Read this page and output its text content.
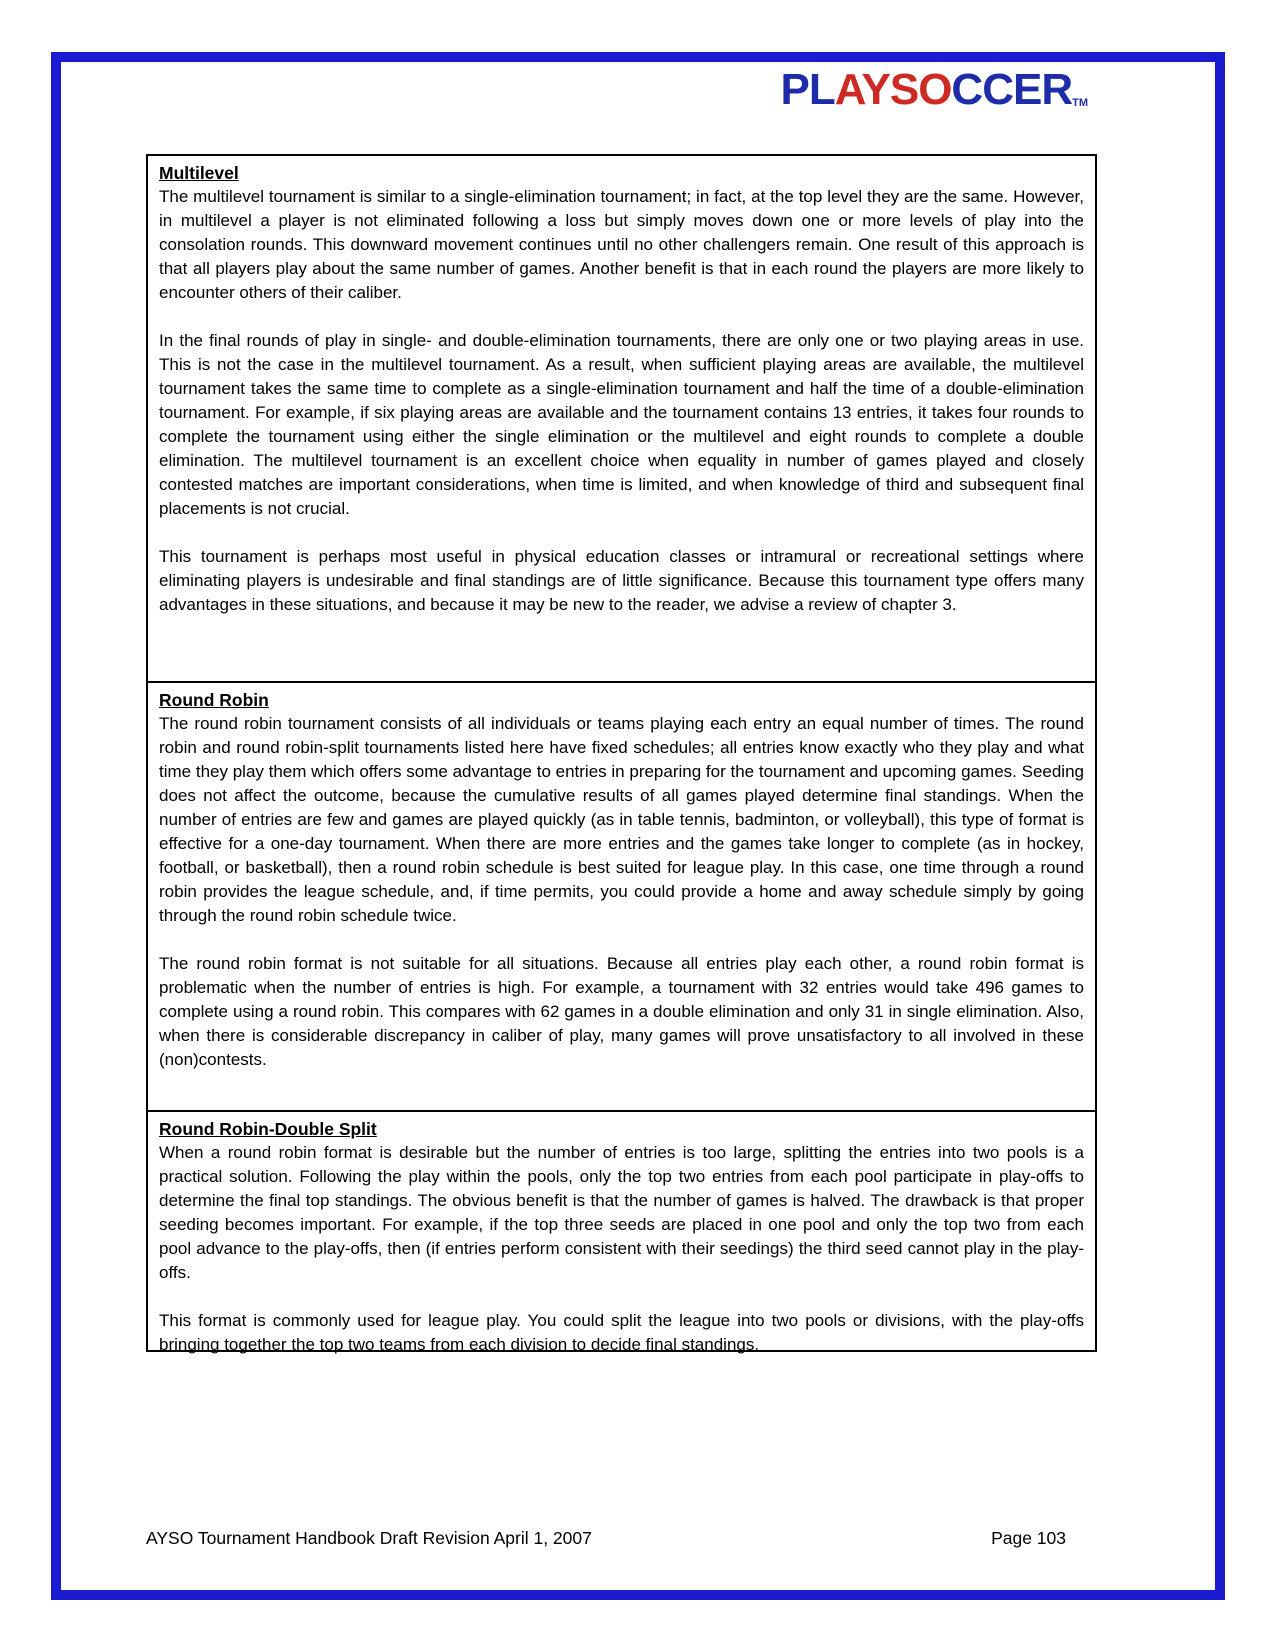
PLAYSOCCERTM
Multilevel

The multilevel tournament is similar to a single-elimination tournament; in fact, at the top level they are the same. However, in multilevel a player is not eliminated following a loss but simply moves down one or more levels of play into the consolation rounds. This downward movement continues until no other challengers remain. One result of this approach is that all players play about the same number of games. Another benefit is that in each round the players are more likely to encounter others of their caliber.

In the final rounds of play in single- and double-elimination tournaments, there are only one or two playing areas in use. This is not the case in the multilevel tournament. As a result, when sufficient playing areas are available, the multilevel tournament takes the same time to complete as a single-elimination tournament and half the time of a double-elimination tournament. For example, if six playing areas are available and the tournament contains 13 entries, it takes four rounds to complete the tournament using either the single elimination or the multilevel and eight rounds to complete a double elimination. The multilevel tournament is an excellent choice when equality in number of games played and closely contested matches are important considerations, when time is limited, and when knowledge of third and subsequent final placements is not crucial.

This tournament is perhaps most useful in physical education classes or intramural or recreational settings where eliminating players is undesirable and final standings are of little significance. Because this tournament type offers many advantages in these situations, and because it may be new to the reader, we advise a review of chapter 3.

Round Robin

The round robin tournament consists of all individuals or teams playing each entry an equal number of times. The round robin and round robin-split tournaments listed here have fixed schedules; all entries know exactly who they play and what time they play them which offers some advantage to entries in preparing for the tournament and upcoming games. Seeding does not affect the outcome, because the cumulative results of all games played determine final standings. When the number of entries are few and games are played quickly (as in table tennis, badminton, or volleyball), this type of format is effective for a one-day tournament. When there are more entries and the games take longer to complete (as in hockey, football, or basketball), then a round robin schedule is best suited for league play. In this case, one time through a round robin provides the league schedule, and, if time permits, you could provide a home and away schedule simply by going through the round robin schedule twice.

The round robin format is not suitable for all situations. Because all entries play each other, a round robin format is problematic when the number of entries is high. For example, a tournament with 32 entries would take 496 games to complete using a round robin. This compares with 62 games in a double elimination and only 31 in single elimination. Also, when there is considerable discrepancy in caliber of play, many games will prove unsatisfactory to all involved in these (non)contests.

Round Robin-Double Split

When a round robin format is desirable but the number of entries is too large, splitting the entries into two pools is a practical solution. Following the play within the pools, only the top two entries from each pool participate in play-offs to determine the final top standings. The obvious benefit is that the number of games is halved. The drawback is that proper seeding becomes important. For example, if the top three seeds are placed in one pool and only the top two from each pool advance to the play-offs, then (if entries perform consistent with their seedings) the third seed cannot play in the play-offs.

This format is commonly used for league play. You could split the league into two pools or divisions, with the play-offs bringing together the top two teams from each division to decide final standings.

AYSO Tournament Handbook Draft Revision April 1, 2007	Page 103
